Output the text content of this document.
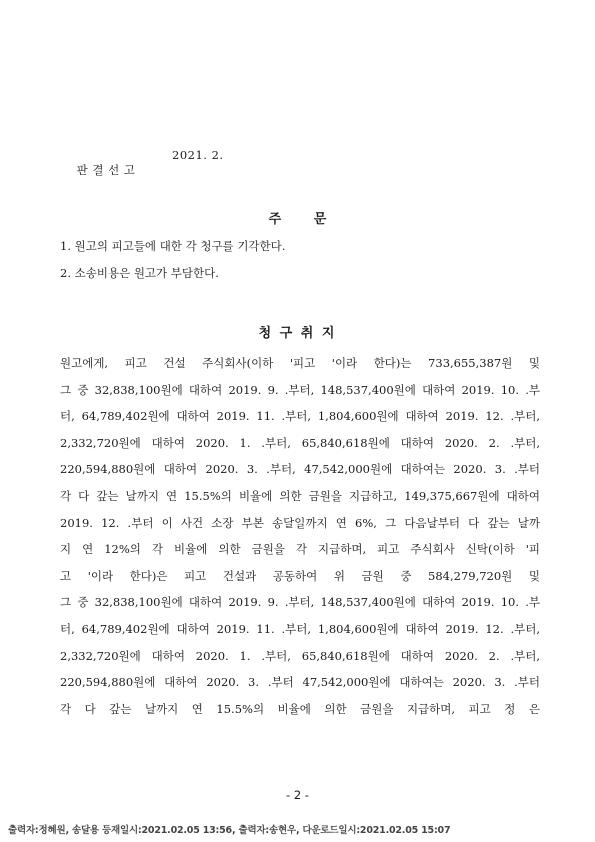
판 결 선 고

2021. 2.

주 문
1. 원고의 피고들에 대한 각 청구를 기각한다.
2. 소송비용은 원고가 부담한다.
청 구 취 지
원고에게, 피고 건설 주식회사(이하 '피고 '이라 한다)는 733,655,387원 및
그 중 32,838,100원에 대하여 2019. 9. .부터, 148,537,400원에 대하여 2019. 10. .부
터, 64,789,402원에 대하여 2019. 11. .부터, 1,804,600원에 대하여 2019. 12. .부터,
2,332,720원에 대하여 2020. 1. .부터, 65,840,618원에 대하여 2020. 2. .부터,
220,594,880원에 대하여 2020. 3. .부터, 47,542,000원에 대하여는 2020. 3. .부터
각 다 갚는 날까지 연 15.5%의 비율에 의한 금원을 지급하고, 149,375,667원에 대하여
2019. 12. .부터 이 사건 소장 부본 송달일까지 연 6%, 그 다음날부터 다 갚는 날까
지 연 12%의 각 비율에 의한 금원을 각 지급하며, 피고 주식회사 신탁(이하 '피
고 '이라 한다)은 피고 건설과 공동하여 위 금원 중 584,279,720원 및
그 중 32,838,100원에 대하여 2019. 9. .부터, 148,537,400원에 대하여 2019. 10. .부
터, 64,789,402원에 대하여 2019. 11. .부터, 1,804,600원에 대하여 2019. 12. .부터,
2,332,720원에 대하여 2020. 1. .부터, 65,840,618원에 대하여 2020. 2. .부터,
220,594,880원에 대하여 2020. 3. .부터 47,542,000원에 대하여는 2020. 3. .부터
각 다 갚는 날까지 연 15.5%의 비율에 의한 금원을 지급하며, 피고 정 은
- 2 -
출력자:정혜원, 송달용 등재일시:2021.02.05 13:56, 출력자:송현우, 다운로드일시:2021.02.05 15:07
